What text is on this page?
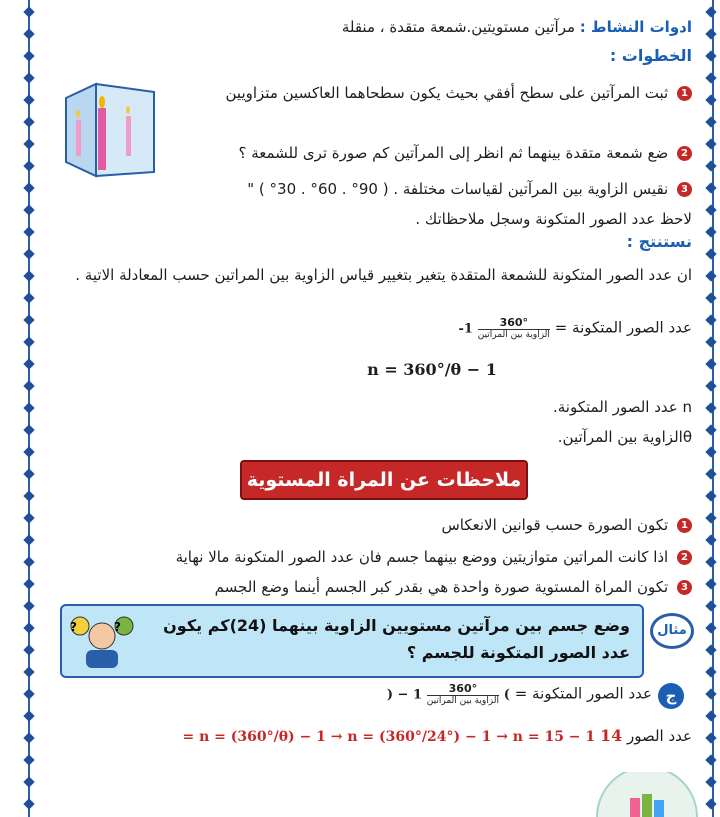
ادوات النشاط : مرآتين مستويتين.شمعة متقدة ، منقلة
الخطوات :
1 ثبت المرآتين على سطح أفقي بحيث يكون سطحاهما العاكسين متزاويين
2 ضع شمعة متقدة بينهما ثم انظر إلى المرآتين كم صورة ترى للشمعة ؟
3 نقيس الزاوية بين المرآتين لقياسات مختلفة . ( 90° . 60° . 30° ) " لاحظ عدد الصور المتكونة وسجل ملاحظاتك .
نستنتج :
ان عدد الصور المتكونة للشمعة المتقدة يتغير بتغيير قياس الزاوية بين المراتين حسب المعادلة الاتية .
عدد الصور المتكونة =
$\frac{360^\circ}{\text{الزاوية بين المراتين}}$
1-
n = 360°/θ − 1
n عدد الصور المتكونة.
θالزاوية بين المرآتين.
1 تكون الصورة حسب قوانين الانعكاس
2 اذا كانت المراتين متوازيتين ووضع بينهما جسم فان عدد الصور المتكونة مالا نهاية
3 تكون المراة المستوية صورة واحدة هي بقدر كبر الجسم أينما وضع الجسم
عدد الصور المتكونة = )
$\frac{360^\circ}{\text{الزاوية بين المراتين}}$
1 − (
عدد الصور 14 n = (360°/θ) − 1 → n = (360°/24°) − 1 → n = 15 − 1 =
ملاحظات عن المراة المستوية
وضع جسم بين مرآتين مستويين الزاوية بينهما (24)كم يكون عدد الصور المتكونة للجسم ؟
?	?	مثال
ج
